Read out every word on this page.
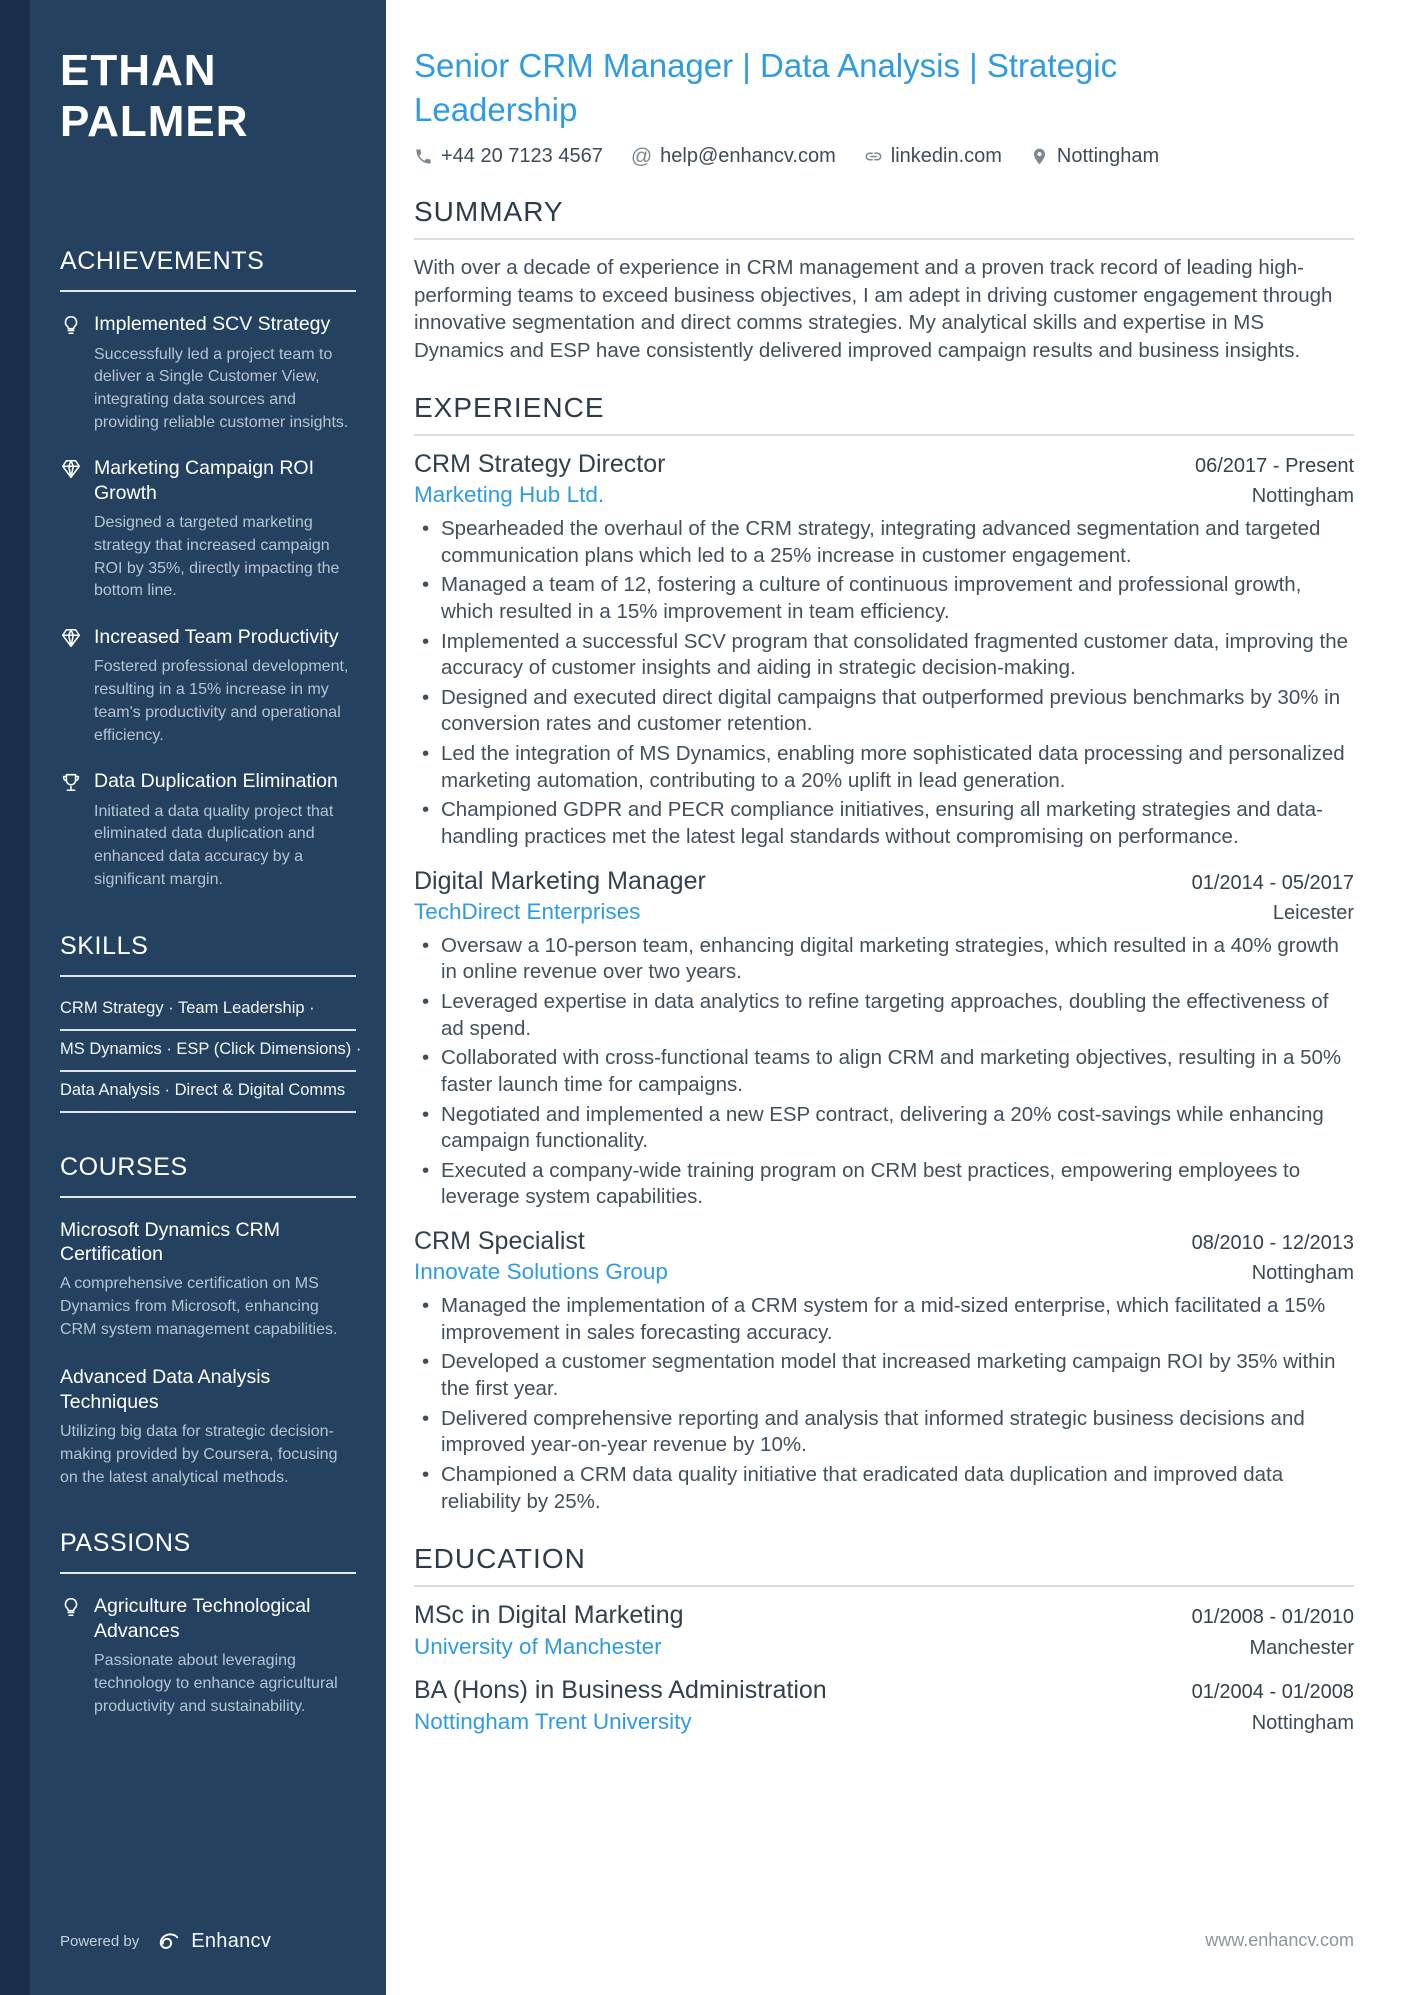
ETHAN PALMER
ACHIEVEMENTS
Implemented SCV Strategy
Successfully led a project team to deliver a Single Customer View, integrating data sources and providing reliable customer insights.
Marketing Campaign ROI Growth
Designed a targeted marketing strategy that increased campaign ROI by 35%, directly impacting the bottom line.
Increased Team Productivity
Fostered professional development, resulting in a 15% increase in my team's productivity and operational efficiency.
Data Duplication Elimination
Initiated a data quality project that eliminated data duplication and enhanced data accuracy by a significant margin.
SKILLS
CRM Strategy · Team Leadership ·
MS Dynamics · ESP (Click Dimensions) ·
Data Analysis · Direct & Digital Comms
COURSES
Microsoft Dynamics CRM Certification
A comprehensive certification on MS Dynamics from Microsoft, enhancing CRM system management capabilities.
Advanced Data Analysis Techniques
Utilizing big data for strategic decision-making provided by Coursera, focusing on the latest analytical methods.
PASSIONS
Agriculture Technological Advances
Passionate about leveraging technology to enhance agricultural productivity and sustainability.
Powered by	Enhancv
Senior CRM Manager | Data Analysis | Strategic Leadership
+44 20 7123 4567 @ help@enhancv.com	linkedin.com	Nottingham
SUMMARY

With over a decade of experience in CRM management and a proven track record of leading high-performing teams to exceed business objectives, I am adept in driving customer engagement through innovative segmentation and direct comms strategies. My analytical skills and expertise in MS Dynamics and ESP have consistently delivered improved campaign results and business insights.

EXPERIENCE
CRM Strategy Director	06/2017 - Present
Marketing Hub Ltd.	Nottingham
• Spearheaded the overhaul of the CRM strategy, integrating advanced segmentation and targeted communication plans which led to a 25% increase in customer engagement.
• Managed a team of 12, fostering a culture of continuous improvement and professional growth, which resulted in a 15% improvement in team efficiency.
• Implemented a successful SCV program that consolidated fragmented customer data, improving the accuracy of customer insights and aiding in strategic decision-making.
• Designed and executed direct digital campaigns that outperformed previous benchmarks by 30% in conversion rates and customer retention.
• Led the integration of MS Dynamics, enabling more sophisticated data processing and personalized marketing automation, contributing to a 20% uplift in lead generation.
• Championed GDPR and PECR compliance initiatives, ensuring all marketing strategies and data-handling practices met the latest legal standards without compromising on performance.
Digital Marketing Manager	01/2014 - 05/2017
TechDirect Enterprises	Leicester
• Oversaw a 10-person team, enhancing digital marketing strategies, which resulted in a 40% growth in online revenue over two years.
• Leveraged expertise in data analytics to refine targeting approaches, doubling the effectiveness of ad spend.
• Collaborated with cross-functional teams to align CRM and marketing objectives, resulting in a 50% faster launch time for campaigns.
• Negotiated and implemented a new ESP contract, delivering a 20% cost-savings while enhancing campaign functionality.
• Executed a company-wide training program on CRM best practices, empowering employees to leverage system capabilities.
CRM Specialist	08/2010 - 12/2013
Innovate Solutions Group	Nottingham
• Managed the implementation of a CRM system for a mid-sized enterprise, which facilitated a 15% improvement in sales forecasting accuracy.
• Developed a customer segmentation model that increased marketing campaign ROI by 35% within the first year.
• Delivered comprehensive reporting and analysis that informed strategic business decisions and improved year-on-year revenue by 10%.
• Championed a CRM data quality initiative that eradicated data duplication and improved data reliability by 25%.
EDUCATION
MSc in Digital Marketing	01/2008 - 01/2010
University of Manchester	Manchester
BA (Hons) in Business Administration	01/2004 - 01/2008
Nottingham Trent University	Nottingham
www.enhancv.com
